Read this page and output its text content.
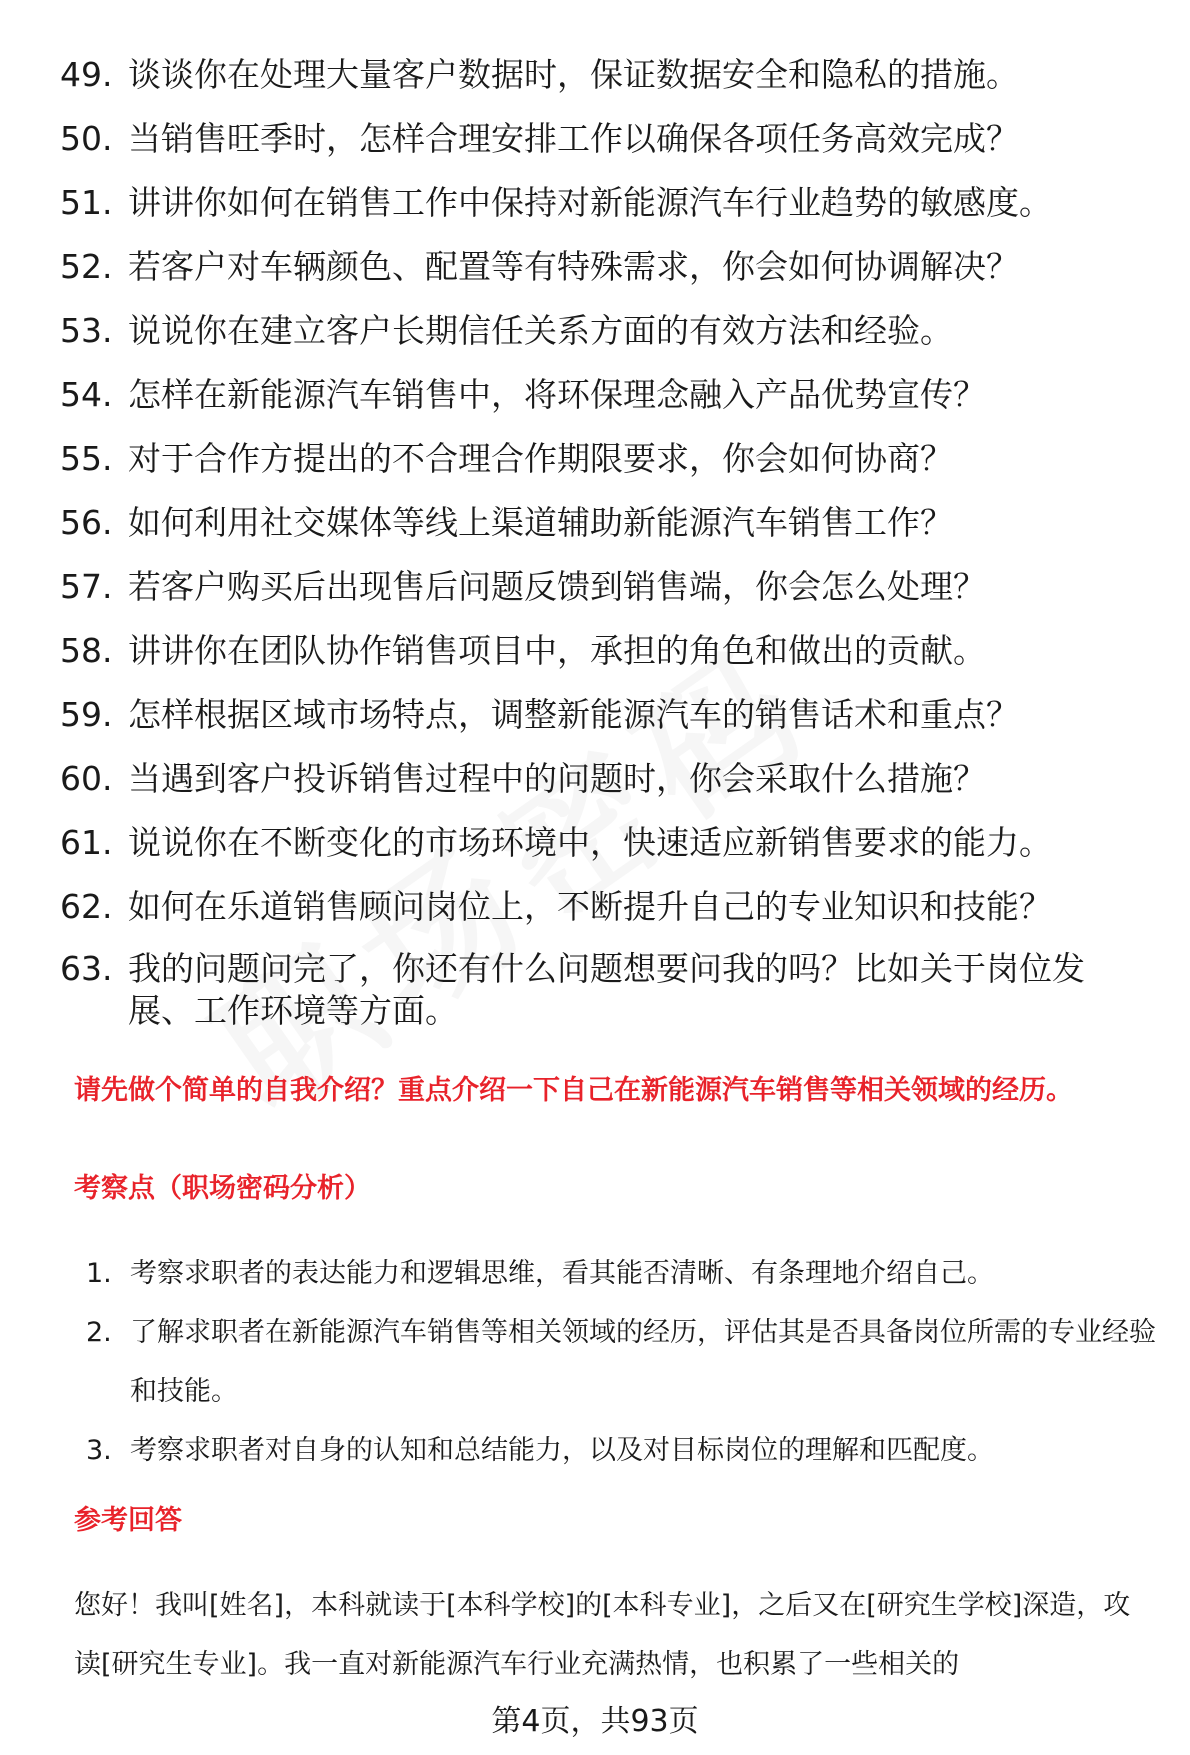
49. 谈谈你在处理大量客户数据时，保证数据安全和隐私的措施。
50. 当销售旺季时，怎样合理安排工作以确保各项任务高效完成？
51. 讲讲你如何在销售工作中保持对新能源汽车行业趋势的敏感度。
52. 若客户对车辆颜色、配置等有特殊需求，你会如何协调解决？
53. 说说你在建立客户长期信任关系方面的有效方法和经验。
54. 怎样在新能源汽车销售中，将环保理念融入产品优势宣传？
55. 对于合作方提出的不合理合作期限要求，你会如何协商？
56. 如何利用社交媒体等线上渠道辅助新能源汽车销售工作？
57. 若客户购买后出现售后问题反馈到销售端，你会怎么处理？
58. 讲讲你在团队协作销售项目中，承担的角色和做出的贡献。
59. 怎样根据区域市场特点，调整新能源汽车的销售话术和重点？
60. 当遇到客户投诉销售过程中的问题时，你会采取什么措施？
61. 说说你在不断变化的市场环境中，快速适应新销售要求的能力。
62. 如何在乐道销售顾问岗位上，不断提升自己的专业知识和技能？
63. 我的问题问完了，你还有什么问题想要问我的吗？比如关于岗位发展、工作环境等方面。
请先做个简单的自我介绍？重点介绍一下自己在新能源汽车销售等相关领域的经历。
考察点（职场密码分析）
1. 考察求职者的表达能力和逻辑思维，看其能否清晰、有条理地介绍自己。
2. 了解求职者在新能源汽车销售等相关领域的经历，评估其是否具备岗位所需的专业经验和技能。
3. 考察求职者对自身的认知和总结能力，以及对目标岗位的理解和匹配度。
参考回答
您好！我叫[姓名]，本科就读于[本科学校]的[本科专业]，之后又在[研究生学校]深造，攻读[研究生专业]。我一直对新能源汽车行业充满热情，也积累了一些相关的
第4页，共93页
